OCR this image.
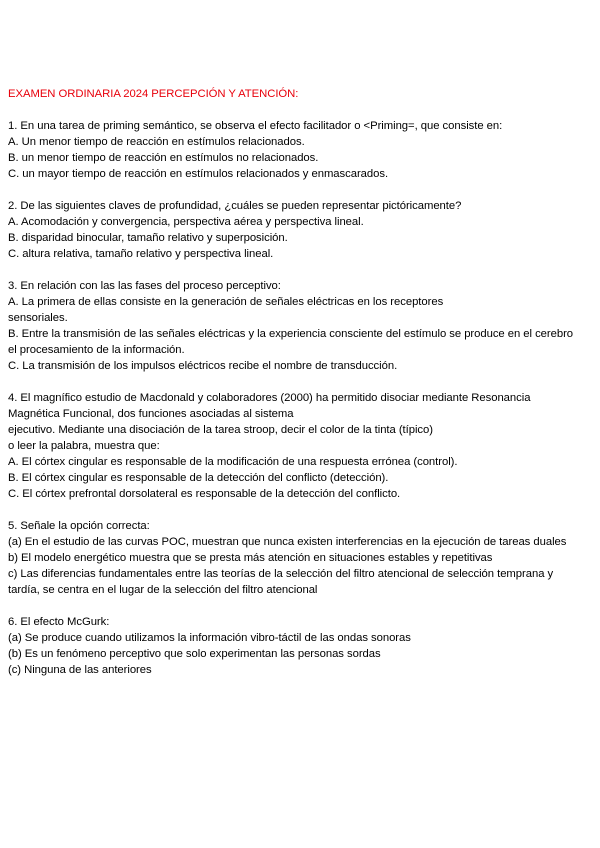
EXAMEN ORDINARIA 2024 PERCEPCIÓN Y ATENCIÓN:
1. En una tarea de priming semántico, se observa el efecto facilitador o <Priming=, que consiste en:
A. Un menor tiempo de reacción en estímulos relacionados.
B. un menor tiempo de reacción en estímulos no relacionados.
C. un mayor tiempo de reacción en estímulos relacionados y enmascarados.
2. De las siguientes claves de profundidad, ¿cuáles se pueden representar pictóricamente?
A. Acomodación y convergencia, perspectiva aérea y perspectiva lineal.
B. disparidad binocular, tamaño relativo y superposición.
C. altura relativa, tamaño relativo y perspectiva lineal.
3. En relación con las las fases del proceso perceptivo:
A. La primera de ellas consiste en la generación de señales eléctricas en los receptores
sensoriales.
B. Entre la transmisión de las señales eléctricas y la experiencia consciente del estímulo se produce en el cerebro el procesamiento de la información.
C. La transmisión de los impulsos eléctricos recibe el nombre de transducción.
4. El magnífico estudio de Macdonald y colaboradores (2000) ha permitido disociar mediante Resonancia Magnética Funcional, dos funciones asociadas al sistema
ejecutivo. Mediante una disociación de la tarea stroop, decir el color de la tinta (típico)
o leer la palabra, muestra que:
A. El córtex cingular es responsable de la modificación de una respuesta errónea (control).
B. El córtex cingular es responsable de la detección del conflicto (detección).
C. El córtex prefrontal dorsolateral es responsable de la detección del conflicto.
5. Señale la opción correcta:
(a) En el estudio de las curvas POC, muestran que nunca existen interferencias en la ejecución de tareas duales
b) El modelo energético muestra que se presta más atención en situaciones estables y repetitivas
c) Las diferencias fundamentales entre las teorías de la selección del filtro atencional de selección temprana y tardía, se centra en el lugar de la selección del filtro atencional
6. El efecto McGurk:
(a) Se produce cuando utilizamos la información vibro-táctil de las ondas sonoras
(b) Es un fenómeno perceptivo que solo experimentan las personas sordas
(c) Ninguna de las anteriores
